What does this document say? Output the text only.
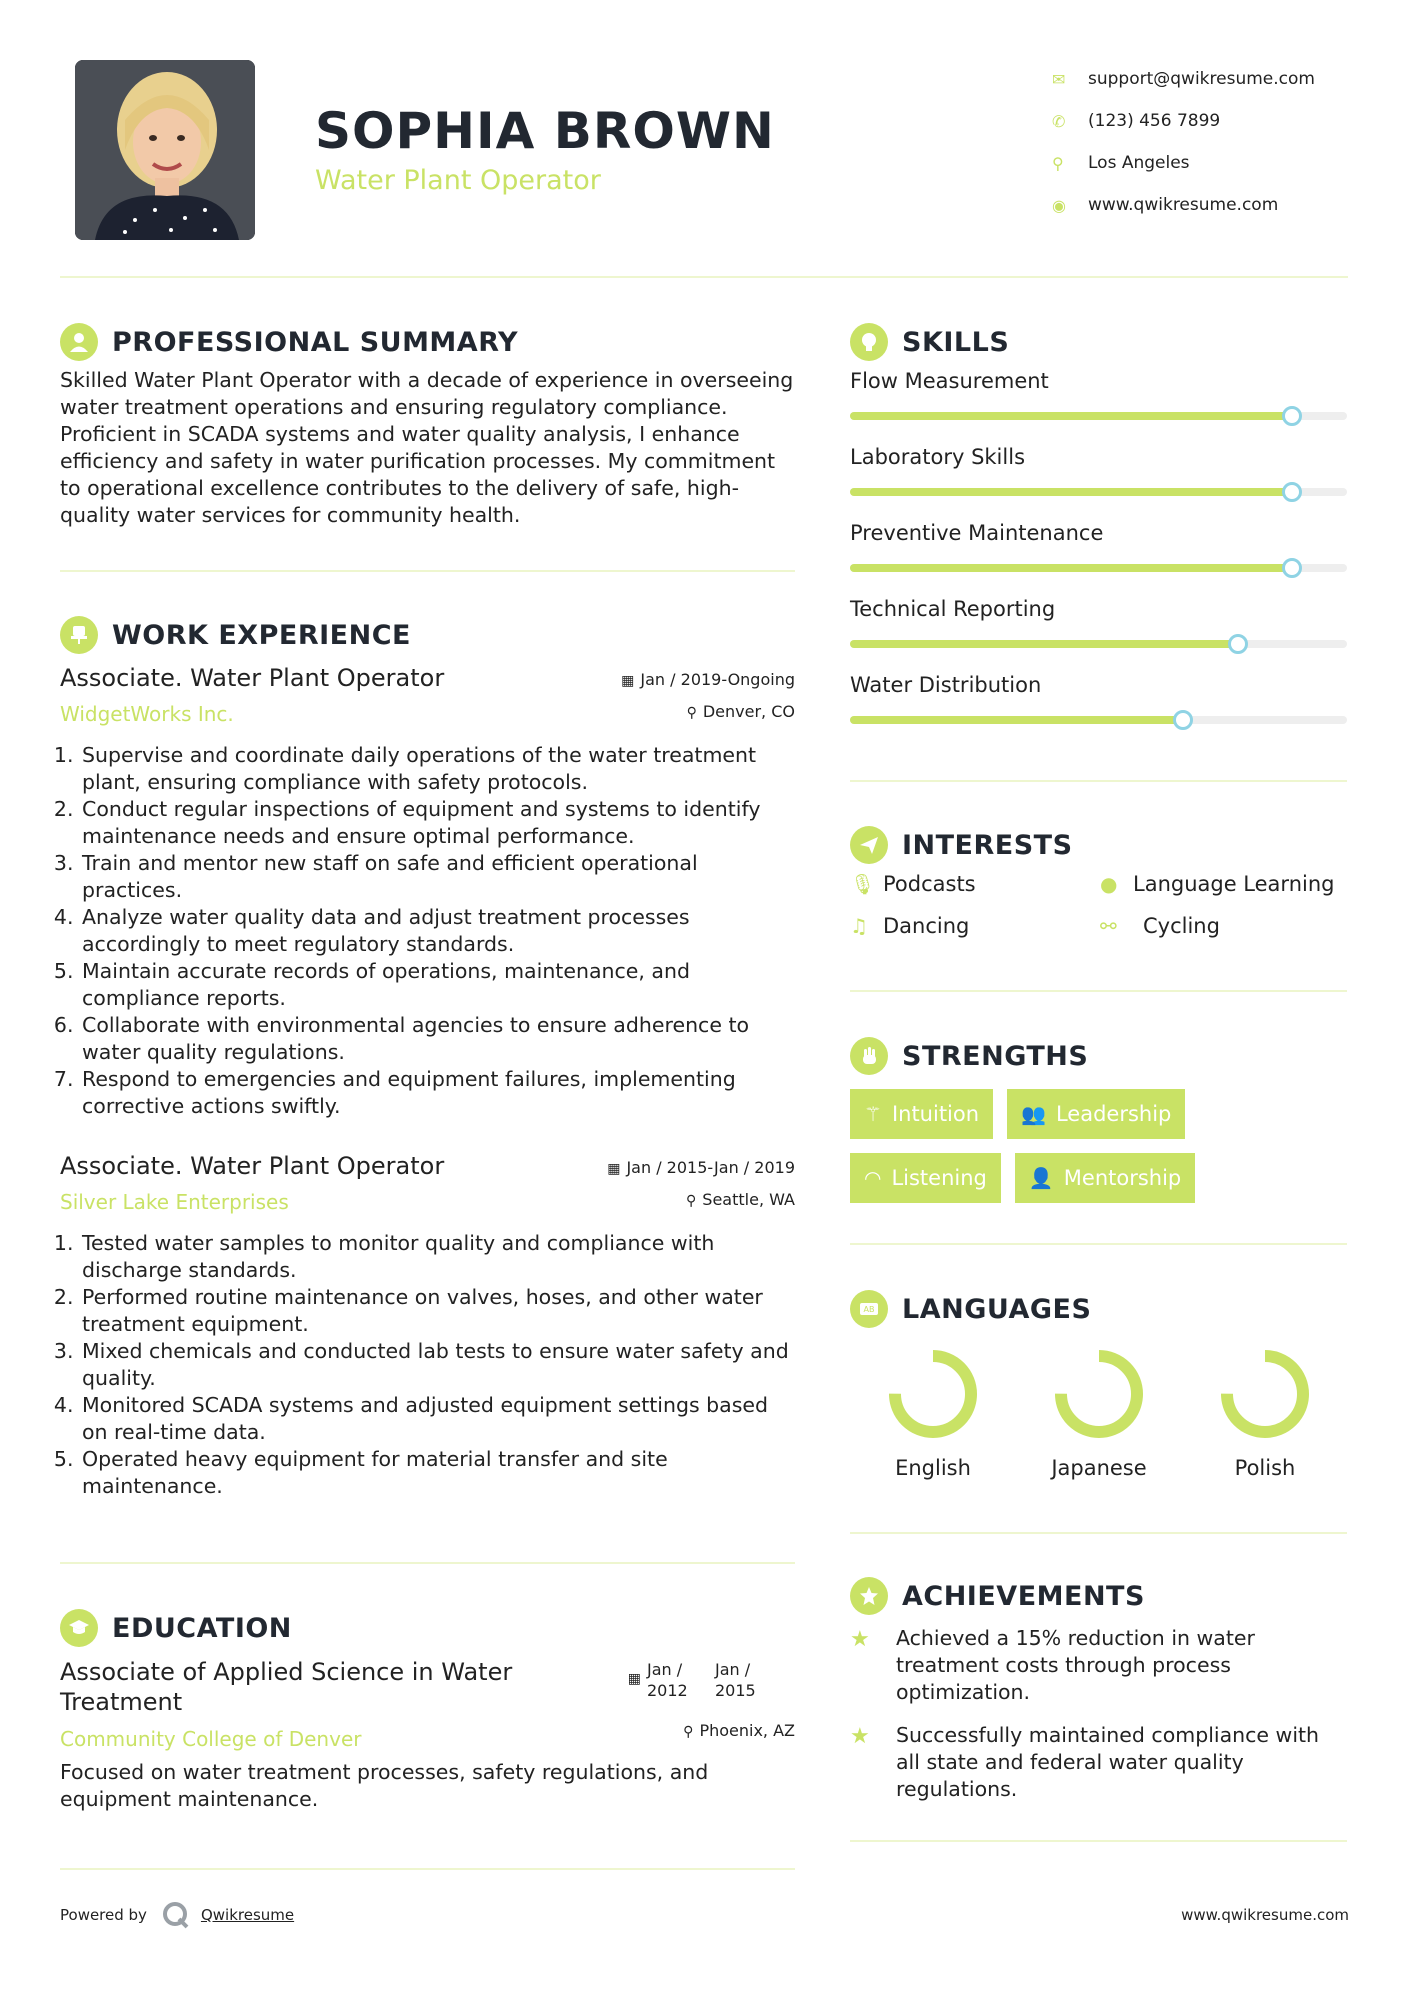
SOPHIA BROWN
Water Plant Operator
✉	support@qwikresume.com
✆	(123) 456 7899
⚲	Los Angeles
◉	www.qwikresume.com
PROFESSIONAL SUMMARY
Skilled Water Plant Operator with a decade of experience in overseeing water treatment operations and ensuring regulatory compliance. Proficient in SCADA systems and water quality analysis, I enhance efficiency and safety in water purification processes. My commitment to operational excellence contributes to the delivery of safe, high-quality water services for community health.
WORK EXPERIENCE
Associate. Water Plant Operator
WidgetWorks Inc.
▦ Jan / 2019-Ongoing
⚲ Denver, CO
1. Supervise and coordinate daily operations of the water treatment plant, ensuring compliance with safety protocols.
2. Conduct regular inspections of equipment and systems to identify maintenance needs and ensure optimal performance.
3. Train and mentor new staff on safe and efficient operational practices.
4. Analyze water quality data and adjust treatment processes accordingly to meet regulatory standards.
5. Maintain accurate records of operations, maintenance, and compliance reports.
6. Collaborate with environmental agencies to ensure adherence to water quality regulations.
7. Respond to emergencies and equipment failures, implementing corrective actions swiftly.
Associate. Water Plant Operator
Silver Lake Enterprises
▦ Jan / 2015-Jan / 2019
⚲ Seattle, WA
1. Tested water samples to monitor quality and compliance with discharge standards.
2. Performed routine maintenance on valves, hoses, and other water treatment equipment.
3. Mixed chemicals and conducted lab tests to ensure water safety and quality.
4. Monitored SCADA systems and adjusted equipment settings based on real-time data.
5. Operated heavy equipment for material transfer and site maintenance.
EDUCATION
Associate of Applied Science in Water Treatment
Community College of Denver
▦ Jan / 2012
Jan / 2015
⚲ Phoenix, AZ
Focused on water treatment processes, safety regulations, and equipment maintenance.
SKILLS
Flow Measurement
Laboratory Skills
Preventive Maintenance
Technical Reporting
Water Distribution
INTERESTS
🎙 Podcasts	● Language Learning
♫ Dancing	⚯	Cycling
STRENGTHS
⚚ Intuition 👥 Leadership
◠ Listening 👤 Mentorship
AB LANGUAGES
English	Japanese	Polish
ACHIEVEMENTS
★	Achieved a 15% reduction in water treatment costs through process optimization.
★	Successfully maintained compliance with all state and federal water quality regulations.
Powered by	Qwikresume	www.qwikresume.com
